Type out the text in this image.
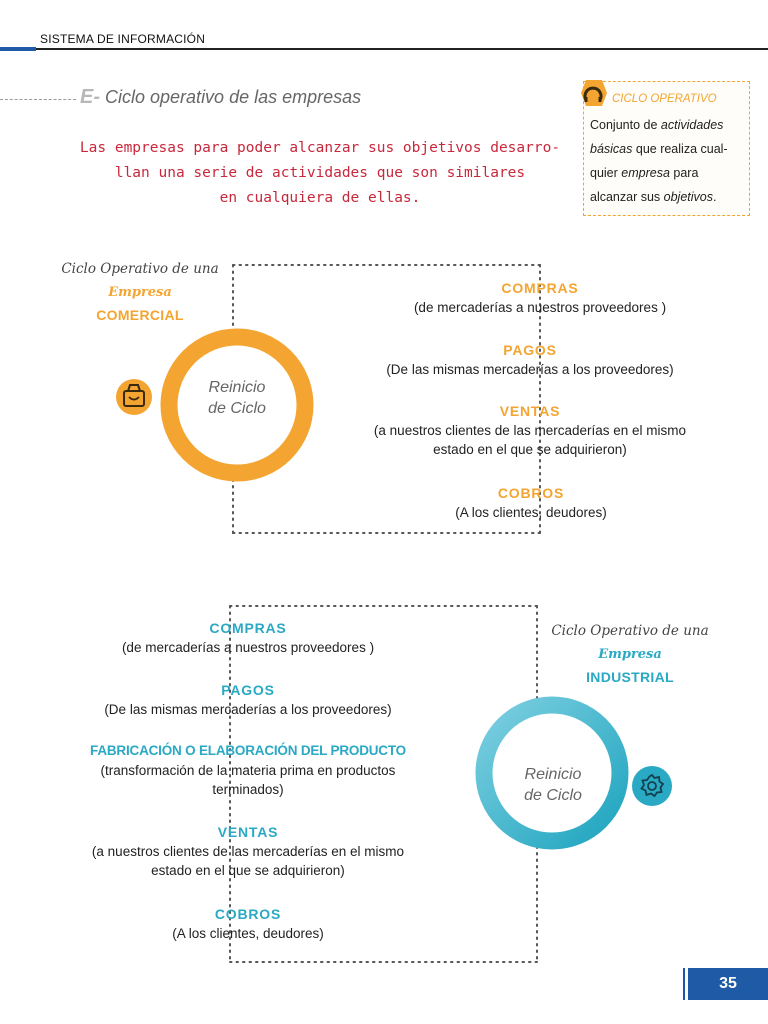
SISTEMA DE INFORMACIÓN
E- Ciclo operativo de las empresas
Las empresas para poder alcanzar sus objetivos desarro-
llan una serie de actividades que son similares
en cualquiera de ellas.
CICLO OPERATIVO
Conjunto de actividades básicas que realiza cual- quier empresa para alcanzar sus objetivos.
Reinicio
de Ciclo
Reinicio
de Ciclo
Ciclo Operativo de una
Empresa
COMERCIAL
COMPRAS
(de mercaderías a nuestros proveedores )
PAGOS
(De las mismas mercaderías a los proveedores)
VENTAS
(a nuestros clientes de las mercaderías en el mismo
estado en el que se adquirieron)
COBROS
(A los clientes, deudores)
Ciclo Operativo de una
Empresa
INDUSTRIAL
COMPRAS
(de mercaderías a nuestros proveedores )
PAGOS
(De las mismas mercaderías a los proveedores)
FABRICACIÓN O ELABORACIÓN DEL PRODUCTO
(transformación de la materia prima en productos
terminados)
VENTAS
(a nuestros clientes de las mercaderías en el mismo
estado en el que se adquirieron)
COBROS
(A los clientes, deudores)
35
